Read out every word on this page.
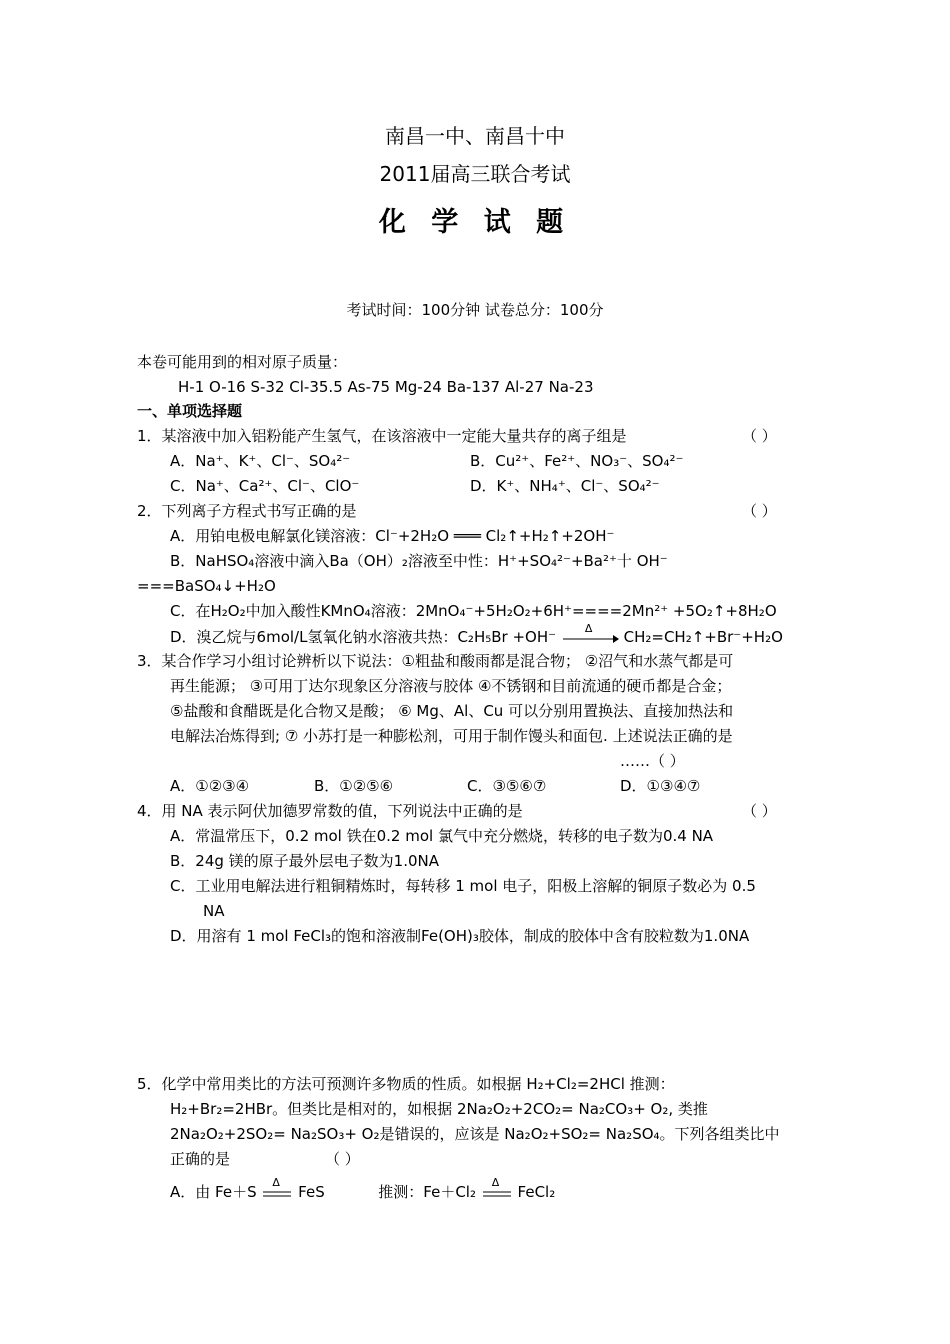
南昌一中、南昌十中
2011届高三联合考试
化 学 试 题
考试时间：100分钟 试卷总分：100分
本卷可能用到的相对原子质量：
H-1 O-16 S-32 Cl-35.5 As-75 Mg-24 Ba-137 Al-27 Na-23
一、单项选择题
1．某溶液中加入铝粉能产生氢气，在该溶液中一定能大量共存的离子组是	（ ）
A．Na⁺、K⁺、Cl⁻、SO₄²⁻	B．Cu²⁺、Fe²⁺、NO₃⁻、SO₄²⁻
C．Na⁺、Ca²⁺、Cl⁻、ClO⁻	D．K⁺、NH₄⁺、Cl⁻、SO₄²⁻
2．下列离子方程式书写正确的是	（ ）
A．用铂电极电解氯化镁溶液：Cl⁻+2H₂O ═══ Cl₂↑+H₂↑+2OH⁻
B．NaHSO₄溶液中滴入Ba（OH）₂溶液至中性：H⁺+SO₄²⁻+Ba²⁺十 OH⁻
===BaSO₄↓+H₂O
C．在H₂O₂中加入酸性KMnO₄溶液：2MnO₄⁻+5H₂O₂+6H⁺====2Mn²⁺ +5O₂↑+8H₂O
D．溴乙烷与6mol/L氢氧化钠水溶液共热：C₂H₅Br +OH⁻	Δ CH₂=CH₂↑+Br⁻+H₂O
3．某合作学习小组讨论辨析以下说法：①粗盐和酸雨都是混合物； ②沼气和水蒸气都是可
再生能源； ③可用丁达尔现象区分溶液与胶体 ④不锈钢和目前流通的硬币都是合金；
⑤盐酸和食醋既是化合物又是酸； ⑥ Mg、Al、Cu 可以分别用置换法、直接加热法和
电解法冶炼得到; ⑦ 小苏打是一种膨松剂，可用于制作馒头和面包. 上述说法正确的是
……（ ）
A．①②③④	B．①②⑤⑥	C．③⑤⑥⑦	D．①③④⑦
4．用 NA 表示阿伏加德罗常数的值，下列说法中正确的是	（ ）
A．常温常压下，0.2 mol 铁在0.2 mol 氯气中充分燃烧，转移的电子数为0.4 NA
B．24g 镁的原子最外层电子数为1.0NA
C．工业用电解法进行粗铜精炼时，每转移 1 mol 电子，阳极上溶解的铜原子数必为 0.5
NA
D．用溶有 1 mol FeCl₃的饱和溶液制Fe(OH)₃胶体，制成的胶体中含有胶粒数为1.0NA
5．化学中常用类比的方法可预测许多物质的性质。如根据 H₂+Cl₂=2HCl 推测：
H₂+Br₂=2HBr。但类比是相对的，如根据 2Na₂O₂+2CO₂= Na₂CO₃+ O₂, 类推
2Na₂O₂+2SO₂= Na₂SO₃+ O₂是错误的，应该是 Na₂O₂+SO₂= Na₂SO₄。下列各组类比中
正确的是	（ ）
A．由 Fe＋S
Δ
FeS	推测：Fe＋Cl₂
Δ
FeCl₂
